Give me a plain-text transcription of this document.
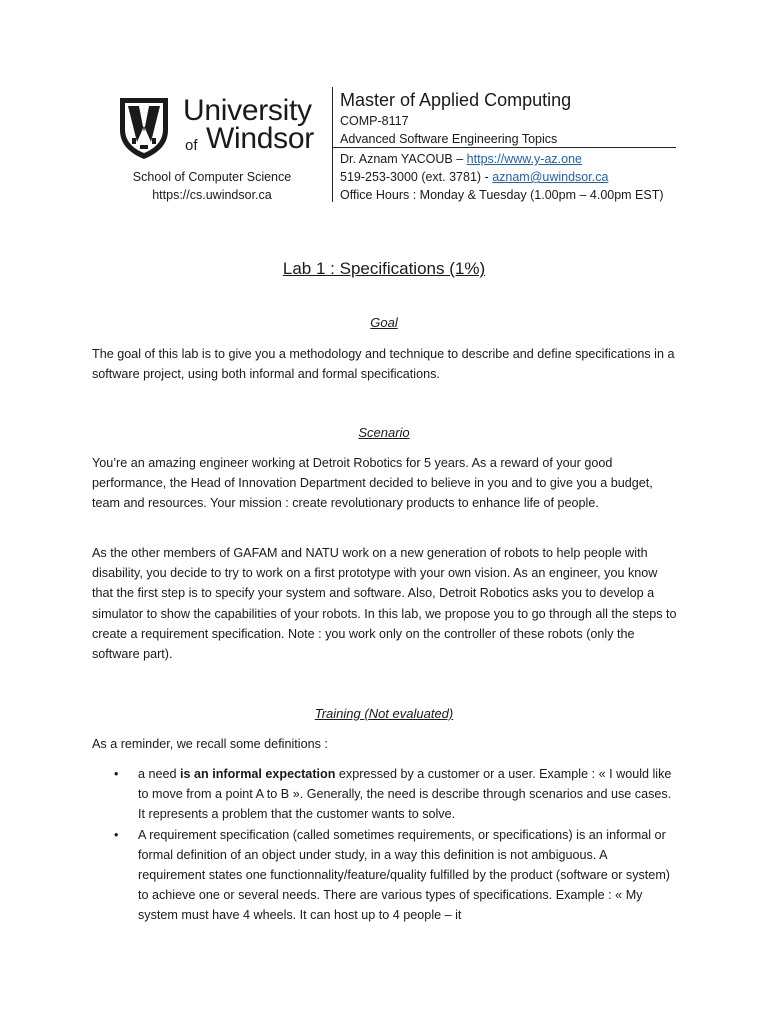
University
of Windsor
School of Computer Science
https://cs.uwindsor.ca
Master of Applied Computing
COMP-8117
Advanced Software Engineering Topics
Dr. Aznam YACOUB – https://www.y-az.one
519-253-3000 (ext. 3781) - aznam@uwindsor.ca
Office Hours : Monday & Tuesday (1.00pm – 4.00pm EST)
Lab 1 : Specifications (1%)
Goal

The goal of this lab is to give you a methodology and technique to describe and define specifications in a software project, using both informal and formal specifications.

Scenario

You’re an amazing engineer working at Detroit Robotics for 5 years. As a reward of your good performance, the Head of Innovation Department decided to believe in you and to give you a budget, team and resources. Your mission : create revolutionary products to enhance life of people.

As the other members of GAFAM and NATU work on a new generation of robots to help people with disability, you decide to try to work on a first prototype with your own vision. As an engineer, you know that the first step is to specify your system and software. Also, Detroit Robotics asks you to develop a simulator to show the capabilities of your robots. In this lab, we propose you to go through all the steps to create a requirement specification. Note : you work only on the controller of these robots (only the software part).

Training (Not evaluated)

As a reminder, we recall some definitions :

• a need is an informal expectation expressed by a customer or a user. Example : « I would like to move from a point A to B ». Generally, the need is describe through scenarios and use cases. It represents a problem that the customer wants to solve.
• A requirement specification (called sometimes requirements, or specifications) is an informal or formal definition of an object under study, in a way this definition is not ambiguous. A requirement states one functionnality/feature/quality fulfilled by the product (software or system) to achieve one or several needs. There are various types of specifications. Example : « My system must have 4 wheels. It can host up to 4 people – it
